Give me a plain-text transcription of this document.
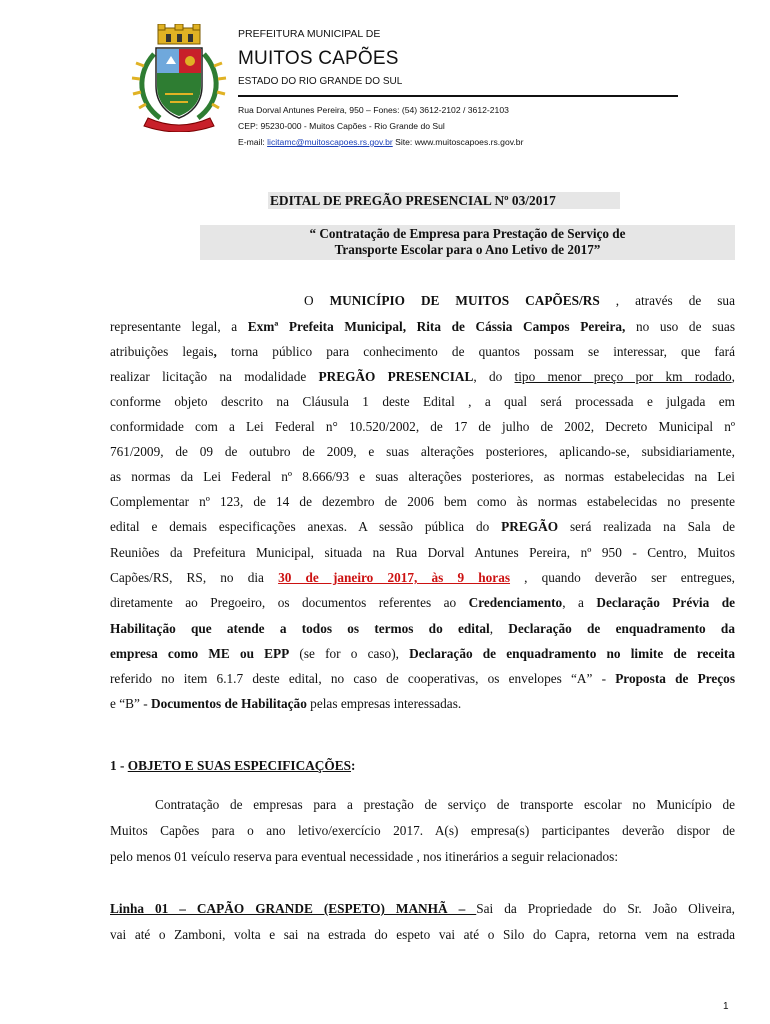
PREFEITURA MUNICIPAL DE
MUITOS CAPÕES
ESTADO DO RIO GRANDE DO SUL
Rua Dorval Antunes Pereira, 950 – Fones: (54) 3612-2102 / 3612-2103
CEP: 95230-000 - Muitos Capões - Rio Grande do Sul
E-mail: licitamc@muitoscapoes.rs.gov.br Site: www.muitoscapoes.rs.gov.br
EDITAL DE PREGÃO PRESENCIAL Nº 03/2017
“ Contratação de Empresa para Prestação de Serviço de
Transporte Escolar para o Ano Letivo de 2017”
O MUNICÍPIO DE MUITOS CAPÕES/RS , através de sua
representante legal, a Exmª Prefeita Municipal, Rita de Cássia Campos Pereira, no uso de suas
atribuições legais, torna público para conhecimento de quantos possam se interessar, que fará
realizar licitação na modalidade PREGÃO PRESENCIAL, do tipo menor preço por km rodado,
conforme objeto descrito na Cláusula 1 deste Edital , a qual será processada e julgada em
conformidade com a Lei Federal n° 10.520/2002, de 17 de julho de 2002, Decreto Municipal nº
761/2009, de 09 de outubro de 2009, e suas alterações posteriores, aplicando-se, subsidiariamente,
as normas da Lei Federal nº 8.666/93 e suas alterações posteriores, as normas estabelecidas na Lei
Complementar nº 123, de 14 de dezembro de 2006 bem como às normas estabelecidas no presente
edital e demais especificações anexas. A sessão pública do PREGÃO será realizada na Sala de
Reuniões da Prefeitura Municipal, situada na Rua Dorval Antunes Pereira, nº 950 - Centro, Muitos
Capões/RS, RS, no dia 30 de janeiro 2017, às 9 horas , quando deverão ser entregues,
diretamente ao Pregoeiro, os documentos referentes ao Credenciamento, a Declaração Prévia de
Habilitação que atende a todos os termos do edital, Declaração de enquadramento da
empresa como ME ou EPP (se for o caso), Declaração de enquadramento no limite de receita
referido no item 6.1.7 deste edital, no caso de cooperativas, os envelopes “A” - Proposta de Preços
e “B” - Documentos de Habilitação pelas empresas interessadas.
1 - OBJETO E SUAS ESPECIFICAÇÕES:
Contratação de empresas para a prestação de serviço de transporte escolar no Município de
Muitos Capões para o ano letivo/exercício 2017. A(s) empresa(s) participantes deverão dispor de
pelo menos 01 veículo reserva para eventual necessidade , nos itinerários a seguir relacionados:
Linha 01 – CAPÃO GRANDE (ESPETO) MANHÃ – Sai da Propriedade do Sr. João Oliveira,
vai até o Zamboni, volta e sai na estrada do espeto vai até o Silo do Capra, retorna vem na estrada
1
